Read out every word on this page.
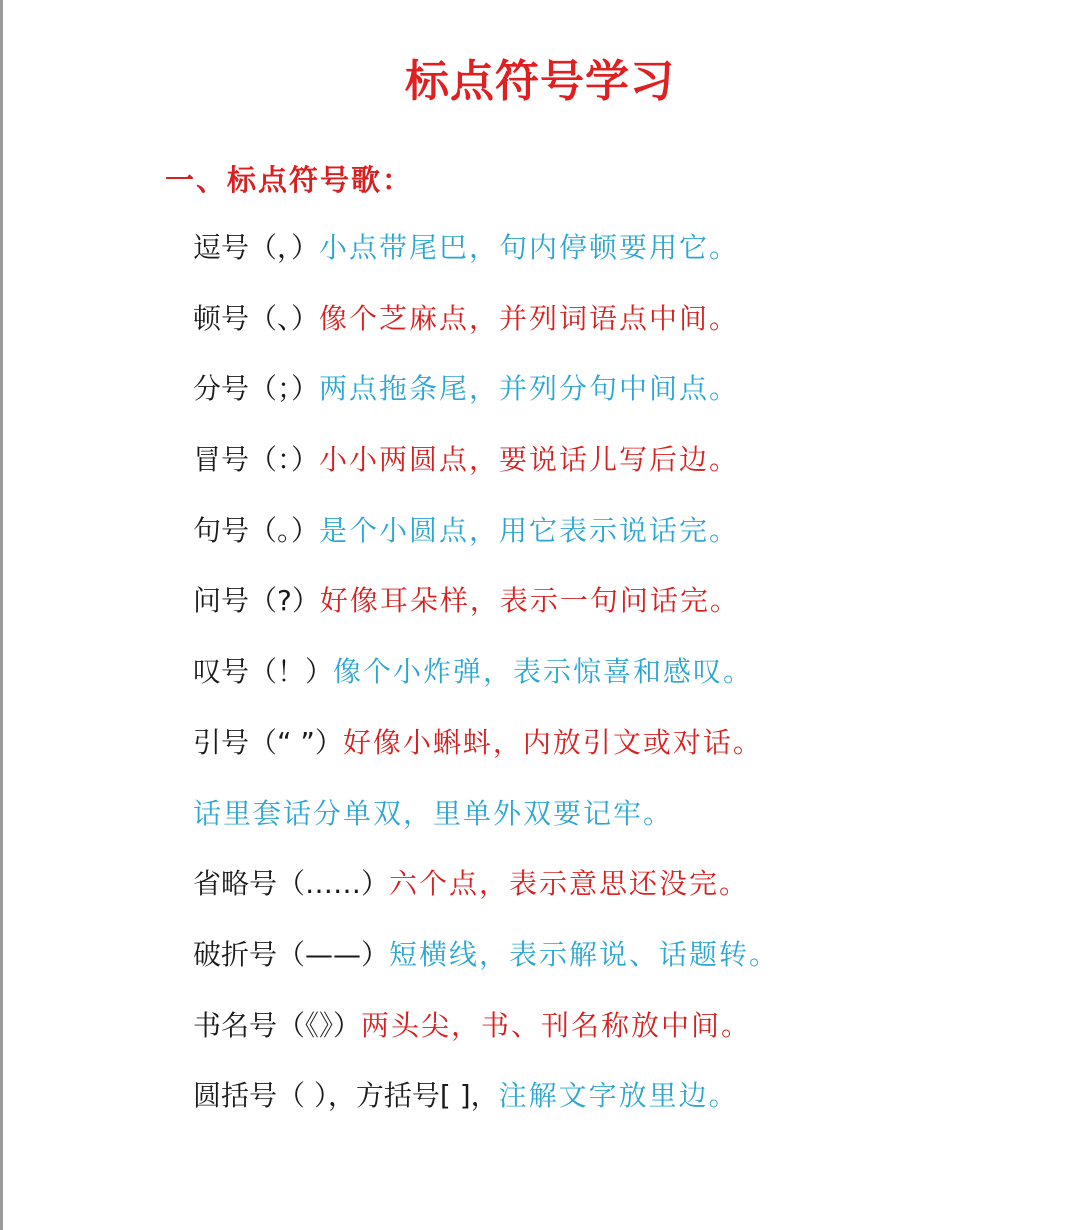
标点符号学习
一、标点符号歌：
逗号（，）小点带尾巴，句内停顿要用它。
顿号（、）像个芝麻点，并列词语点中间。
分号（；）两点拖条尾，并列分句中间点。
冒号（：）小小两圆点，要说话儿写后边。
句号（。）是个小圆点，用它表示说话完。
问号（?）好像耳朵样，表示一句问话完。
叹号（！）像个小炸弹，表示惊喜和感叹。
引号（“ ”）好像小蝌蚪，内放引文或对话。
话里套话分单双，里单外双要记牢。
省略号（……）六个点，表示意思还没完。
破折号（——）短横线，表示解说、话题转。
书名号（《》）两头尖，书、刊名称放中间。
圆括号（ ），方括号[ ]，注解文字放里边。
